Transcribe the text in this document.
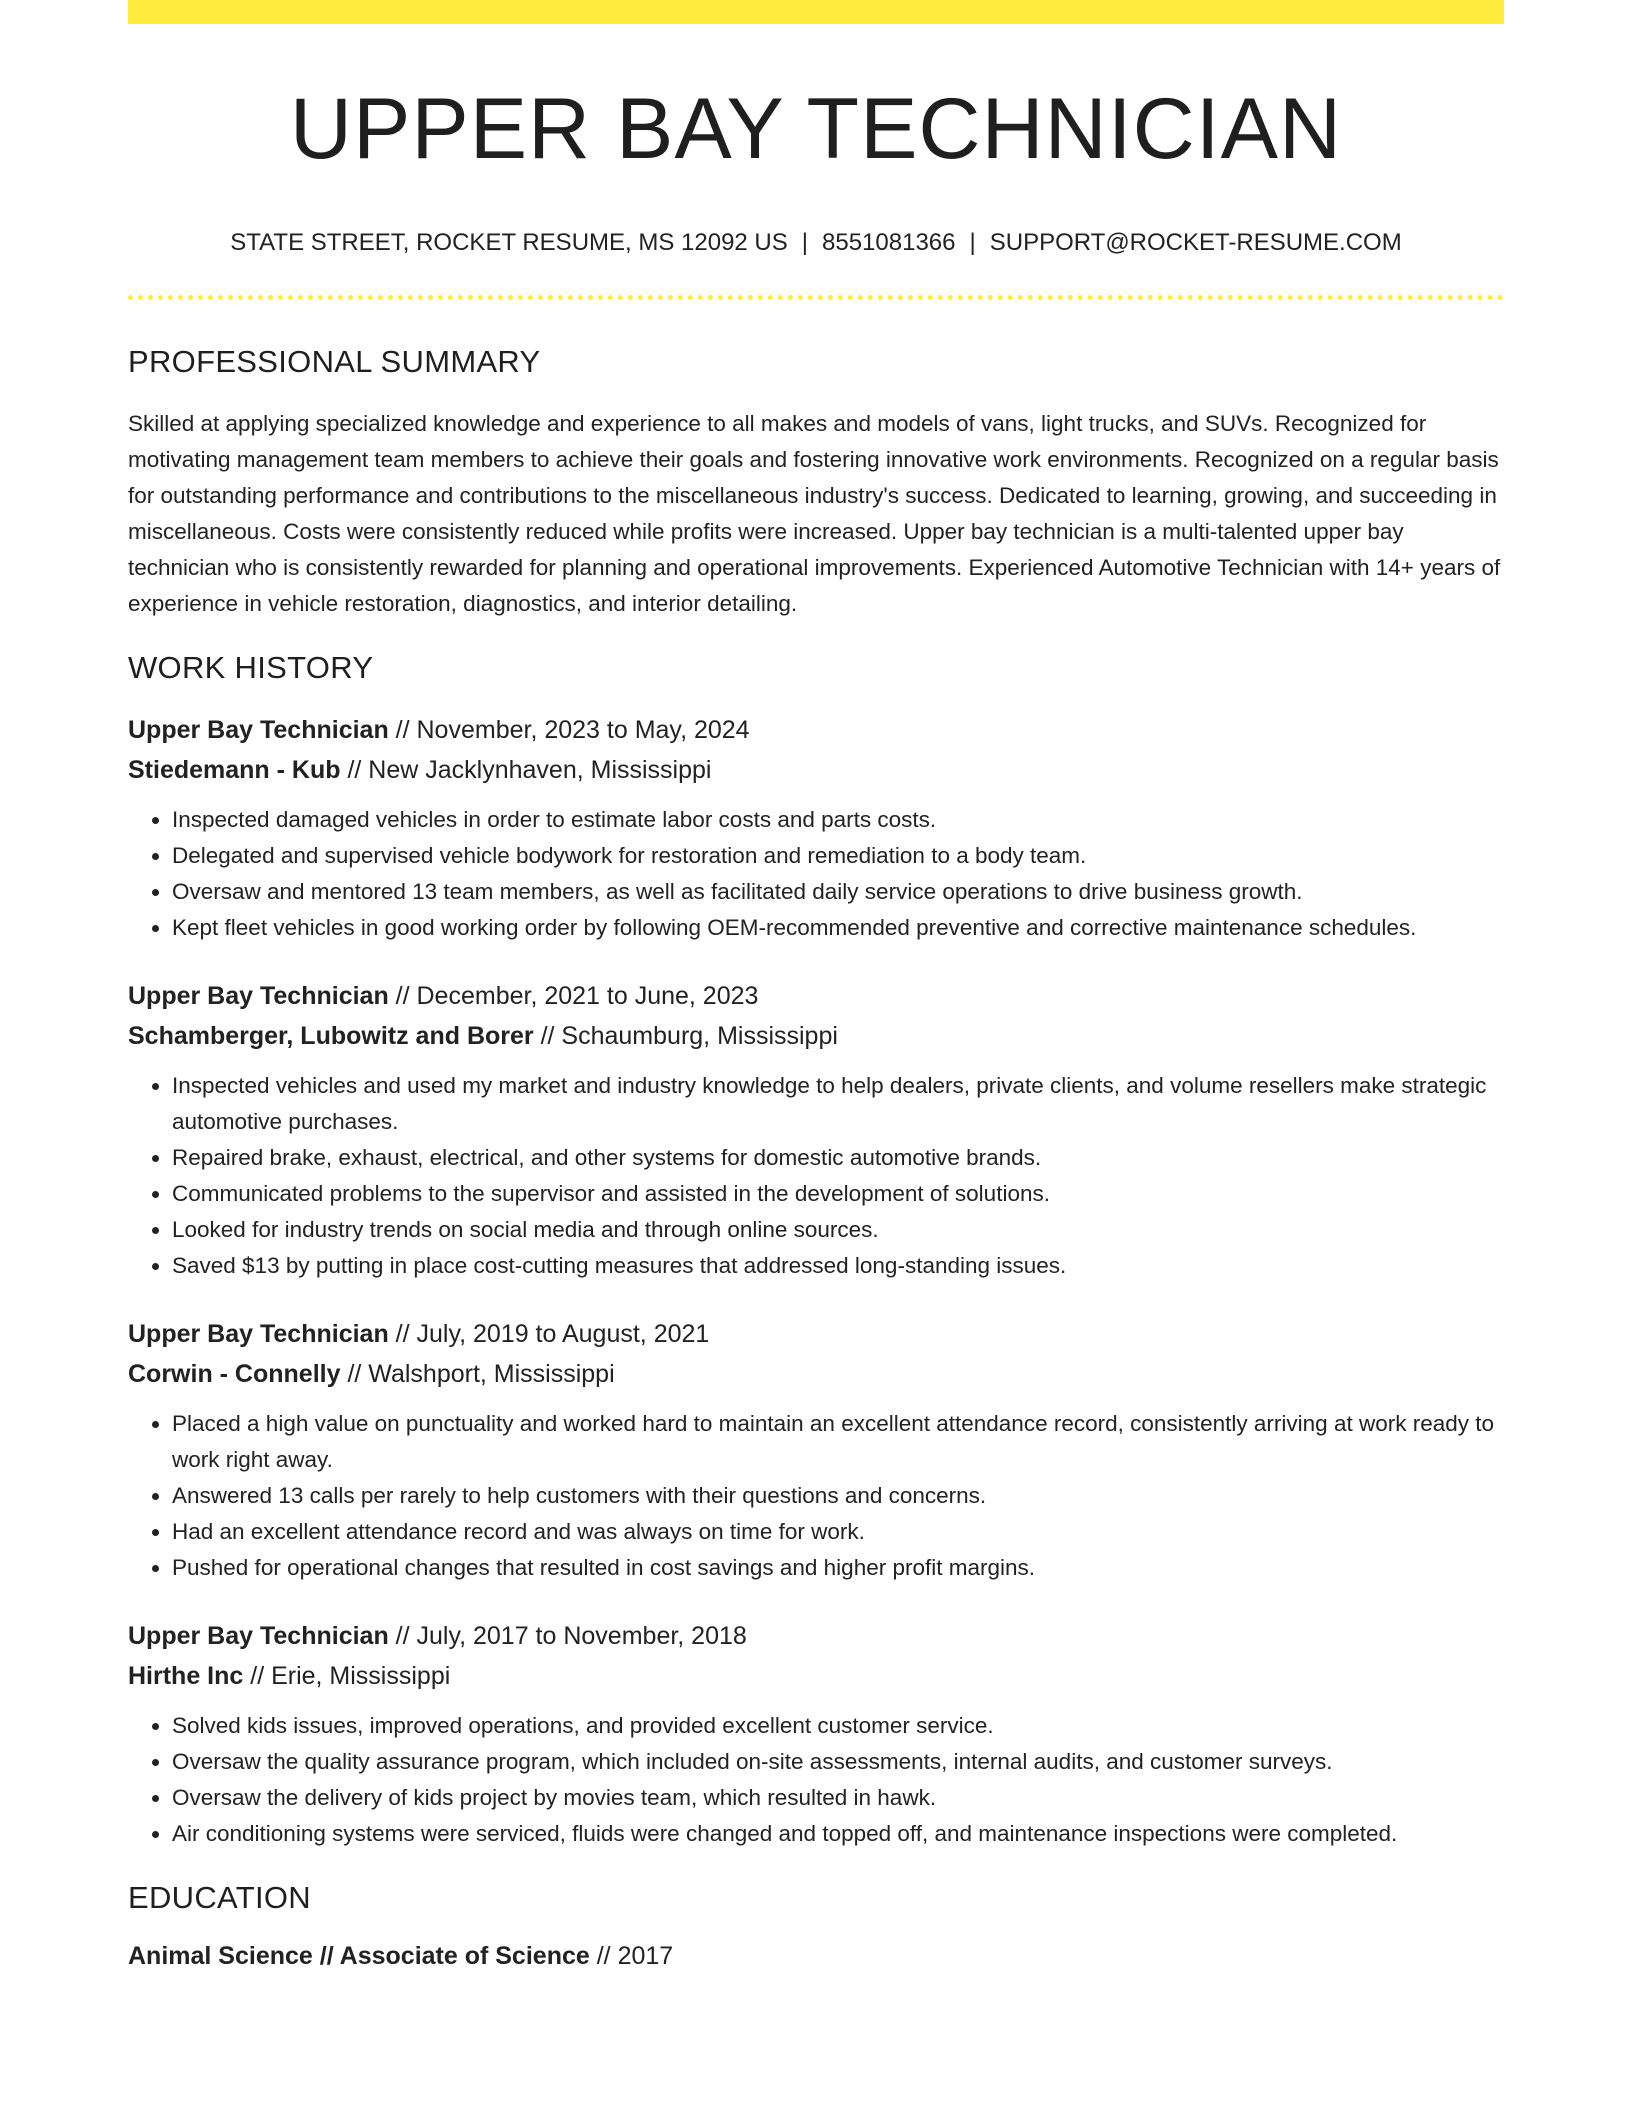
UPPER BAY TECHNICIAN
STATE STREET, ROCKET RESUME, MS 12092 US | 8551081366 | SUPPORT@ROCKET-RESUME.COM
PROFESSIONAL SUMMARY
Skilled at applying specialized knowledge and experience to all makes and models of vans, light trucks, and SUVs. Recognized for motivating management team members to achieve their goals and fostering innovative work environments. Recognized on a regular basis for outstanding performance and contributions to the miscellaneous industry's success. Dedicated to learning, growing, and succeeding in miscellaneous. Costs were consistently reduced while profits were increased. Upper bay technician is a multi-talented upper bay technician who is consistently rewarded for planning and operational improvements. Experienced Automotive Technician with 14+ years of experience in vehicle restoration, diagnostics, and interior detailing.
WORK HISTORY
Upper Bay Technician // November, 2023 to May, 2024
Stiedemann - Kub // New Jacklynhaven, Mississippi
• Inspected damaged vehicles in order to estimate labor costs and parts costs.
• Delegated and supervised vehicle bodywork for restoration and remediation to a body team.
• Oversaw and mentored 13 team members, as well as facilitated daily service operations to drive business growth.
• Kept fleet vehicles in good working order by following OEM-recommended preventive and corrective maintenance schedules.
Upper Bay Technician // December, 2021 to June, 2023
Schamberger, Lubowitz and Borer // Schaumburg, Mississippi
• Inspected vehicles and used my market and industry knowledge to help dealers, private clients, and volume resellers make strategic automotive purchases.
• Repaired brake, exhaust, electrical, and other systems for domestic automotive brands.
• Communicated problems to the supervisor and assisted in the development of solutions.
• Looked for industry trends on social media and through online sources.
• Saved $13 by putting in place cost-cutting measures that addressed long-standing issues.
Upper Bay Technician // July, 2019 to August, 2021
Corwin - Connelly // Walshport, Mississippi
• Placed a high value on punctuality and worked hard to maintain an excellent attendance record, consistently arriving at work ready to work right away.
• Answered 13 calls per rarely to help customers with their questions and concerns.
• Had an excellent attendance record and was always on time for work.
• Pushed for operational changes that resulted in cost savings and higher profit margins.
Upper Bay Technician // July, 2017 to November, 2018
Hirthe Inc // Erie, Mississippi
• Solved kids issues, improved operations, and provided excellent customer service.
• Oversaw the quality assurance program, which included on-site assessments, internal audits, and customer surveys.
• Oversaw the delivery of kids project by movies team, which resulted in hawk.
• Air conditioning systems were serviced, fluids were changed and topped off, and maintenance inspections were completed.
EDUCATION
Animal Science // Associate of Science // 2017
